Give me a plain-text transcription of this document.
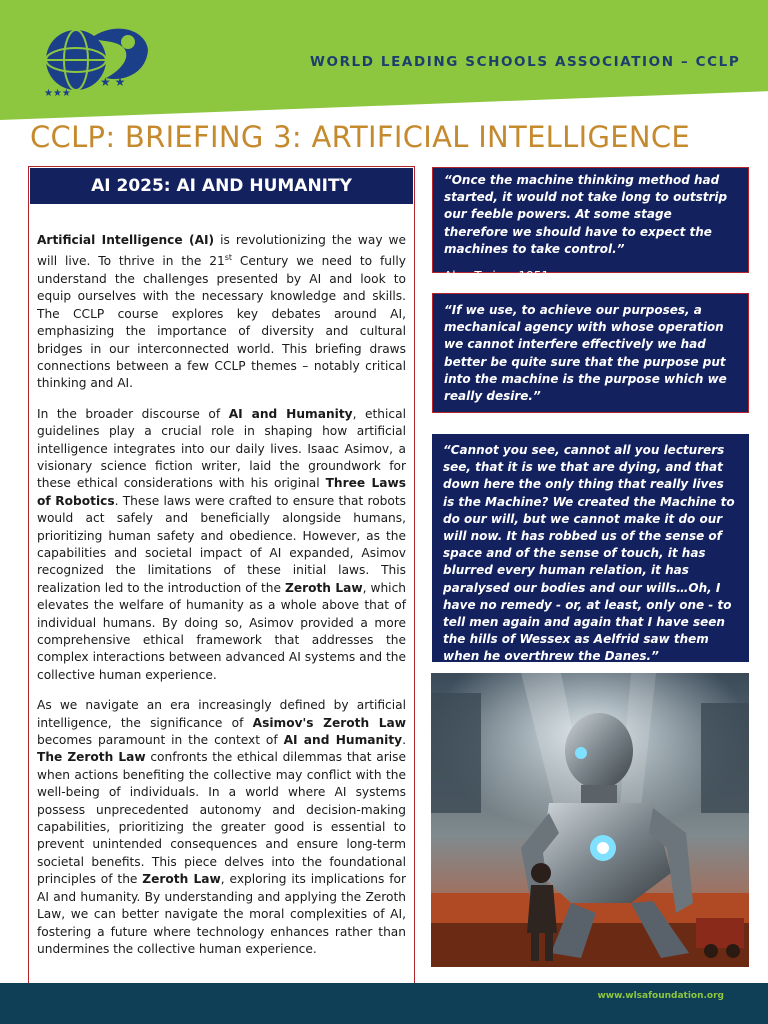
★ ★
★★★
WORLD LEADING SCHOOLS ASSOCIATION – CCLP
CCLP: BRIEFING 3: ARTIFICIAL INTELLIGENCE
AI 2025: AI AND HUMANITY

Artificial Intelligence (AI) is revolutionizing the way we will live. To thrive in the 21st Century we need to fully understand the challenges presented by AI and look to equip ourselves with the necessary knowledge and skills. The CCLP course explores key debates around AI, emphasizing the importance of diversity and cultural bridges in our interconnected world. This briefing draws connections between a few CCLP themes – notably critical thinking and AI.

In the broader discourse of AI and Humanity, ethical guidelines play a crucial role in shaping how artificial intelligence integrates into our daily lives. Isaac Asimov, a visionary science fiction writer, laid the groundwork for these ethical considerations with his original Three Laws of Robotics. These laws were crafted to ensure that robots would act safely and beneficially alongside humans, prioritizing human safety and obedience. However, as the capabilities and societal impact of AI expanded, Asimov recognized the limitations of these initial laws. This realization led to the introduction of the Zeroth Law, which elevates the welfare of humanity as a whole above that of individual humans. By doing so, Asimov provided a more comprehensive ethical framework that addresses the complex interactions between advanced AI systems and the collective human experience.

As we navigate an era increasingly defined by artificial intelligence, the significance of Asimov's Zeroth Law becomes paramount in the context of AI and Humanity. The Zeroth Law confronts the ethical dilemmas that arise when actions benefiting the collective may conflict with the well-being of individuals. In a world where AI systems possess unprecedented autonomy and decision-making capabilities, prioritizing the greater good is essential to prevent unintended consequences and ensure long-term societal benefits. This piece delves into the foundational principles of the Zeroth Law, exploring its implications for AI and humanity. By understanding and applying the Zeroth Law, we can better navigate the moral complexities of AI, fostering a future where technology enhances rather than undermines the collective human experience.

“Once the machine thinking method had started, it would not take long to outstrip our feeble powers. At some stage therefore we should have to expect the machines to take control.”
Alan Turing, 1951
“If we use, to achieve our purposes, a mechanical agency with whose operation we cannot interfere effectively we had better be quite sure that the purpose put into the machine is the purpose which we really desire.”
Norbert Wiener, the founder of
“Cannot you see, cannot all you lecturers see, that it is we that are dying, and that down here the only thing that really lives is the Machine? We created the Machine to do our will, but we cannot make it do our will now. It has robbed us of the sense of space and of the sense of touch, it has blurred every human relation, it has paralysed our bodies and our wills…Oh, I have no remedy - or, at least, only one - to tell men again and again that I have seen the hills of Wessex as Aelfrid saw them when he overthrew the Danes.”
www.wlsafoundation.org
